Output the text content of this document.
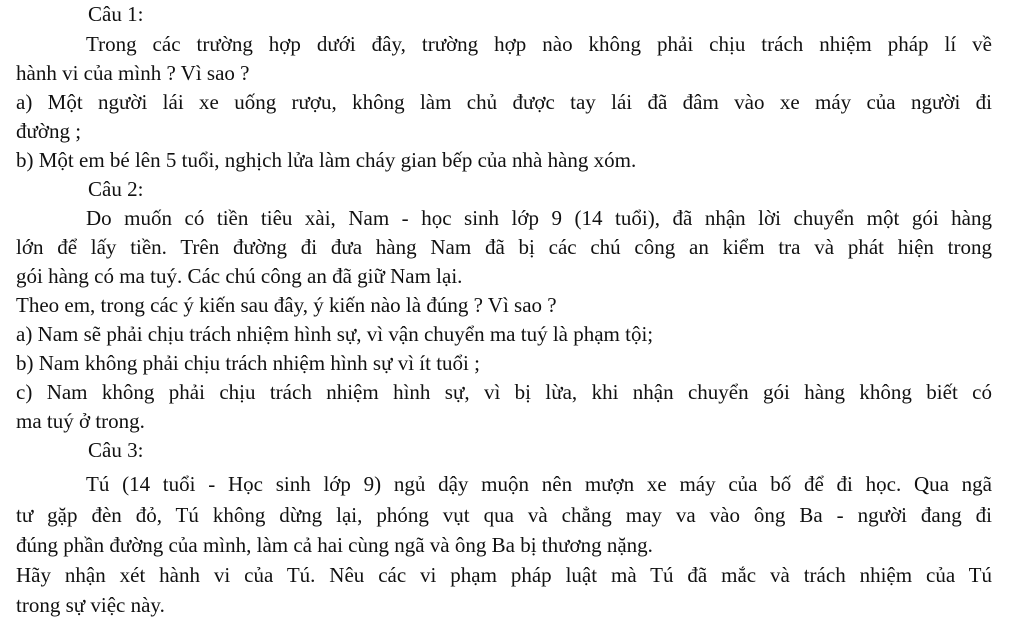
Câu 1:
Trong các trường hợp dưới đây, trường hợp nào không phải chịu trách nhiệm pháp lí về
hành vi của mình ? Vì sao ?
a) Một người lái xe uống rượu, không làm chủ được tay lái đã đâm vào xe máy của người đi
đường ;
b) Một em bé lên 5 tuổi, nghịch lửa làm cháy gian bếp của nhà hàng xóm.
Câu 2:
Do muốn có tiền tiêu xài, Nam - học sinh lớp 9 (14 tuổi), đã nhận lời chuyển một gói hàng
lớn để lấy tiền. Trên đường đi đưa hàng Nam đã bị các chú công an kiểm tra và phát hiện trong
gói hàng có ma tuý. Các chú công an đã giữ Nam lại.
Theo em, trong các ý kiến sau đây, ý kiến nào là đúng ? Vì sao ?
a) Nam sẽ phải chịu trách nhiệm hình sự, vì vận chuyển ma tuý là phạm tội;
b) Nam không phải chịu trách nhiệm hình sự vì ít tuổi ;
c) Nam không phải chịu trách nhiệm hình sự, vì bị lừa, khi nhận chuyển gói hàng không biết có
ma tuý ở trong.
Câu 3:
Tú (14 tuổi - Học sinh lớp 9) ngủ dậy muộn nên mượn xe máy của bố để đi học. Qua ngã
tư gặp đèn đỏ, Tú không dừng lại, phóng vụt qua và chẳng may va vào ông Ba - người đang đi
đúng phần đường của mình, làm cả hai cùng ngã và ông Ba bị thương nặng.
Hãy nhận xét hành vi của Tú. Nêu các vi phạm pháp luật mà Tú đã mắc và trách nhiệm của Tú
trong sự việc này.
